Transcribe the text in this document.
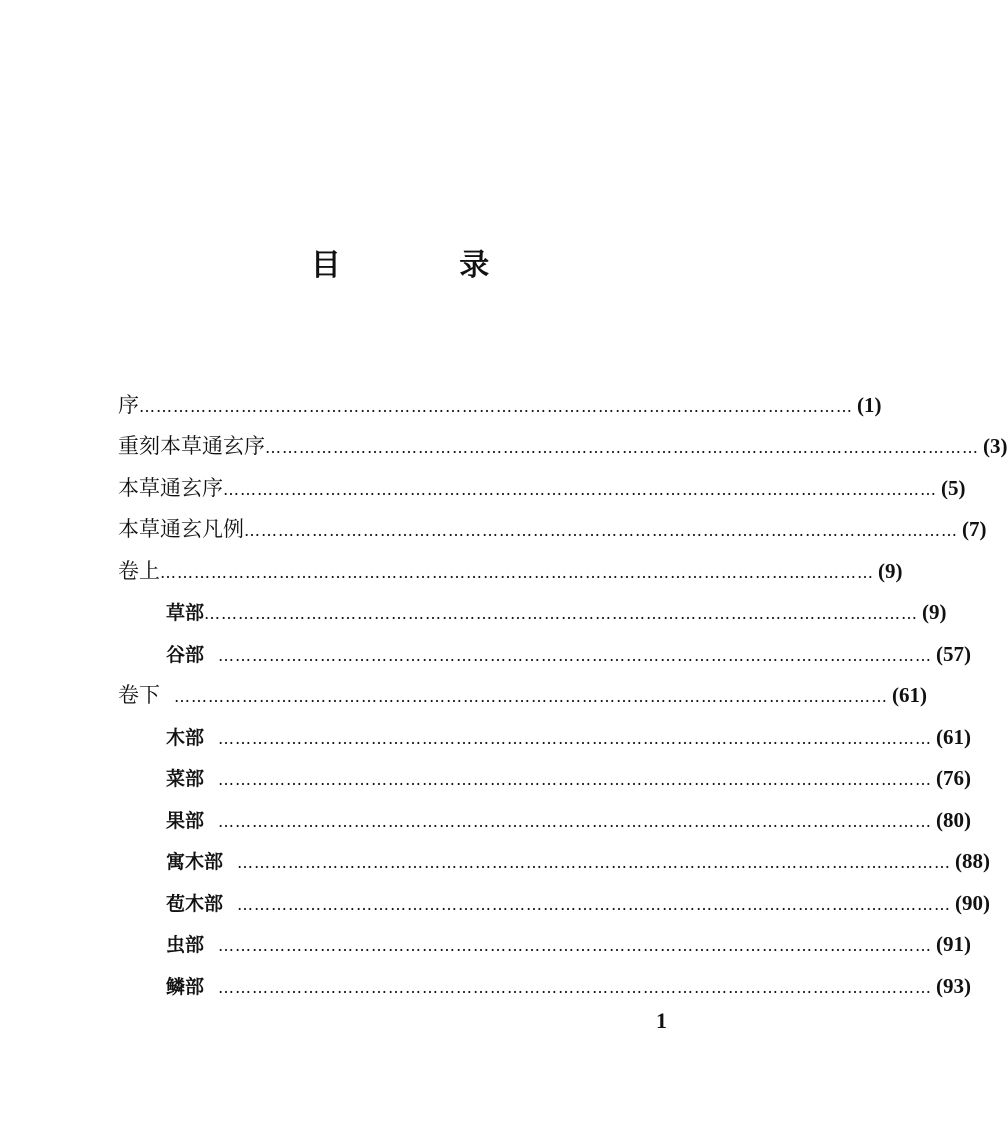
目 录
序 ……………………………………………………………………………………………………………… (1)
重刻本草通玄序 ……………………………………………………………………………………………………………… (3)
本草通玄序 ……………………………………………………………………………………………………………… (5)
本草通玄凡例 ……………………………………………………………………………………………………………… (7)
卷上 ……………………………………………………………………………………………………………… (9)
草部 ……………………………………………………………………………………………………………… (9)
谷部 ……………………………………………………………………………………………………………… (57)
卷下 ……………………………………………………………………………………………………………… (61)
木部 ……………………………………………………………………………………………………………… (61)
菜部 ……………………………………………………………………………………………………………… (76)
果部 ……………………………………………………………………………………………………………… (80)
寓木部 ……………………………………………………………………………………………………………… (88)
苞木部 ……………………………………………………………………………………………………………… (90)
虫部 ……………………………………………………………………………………………………………… (91)
鳞部 ……………………………………………………………………………………………………………… (93)
1
